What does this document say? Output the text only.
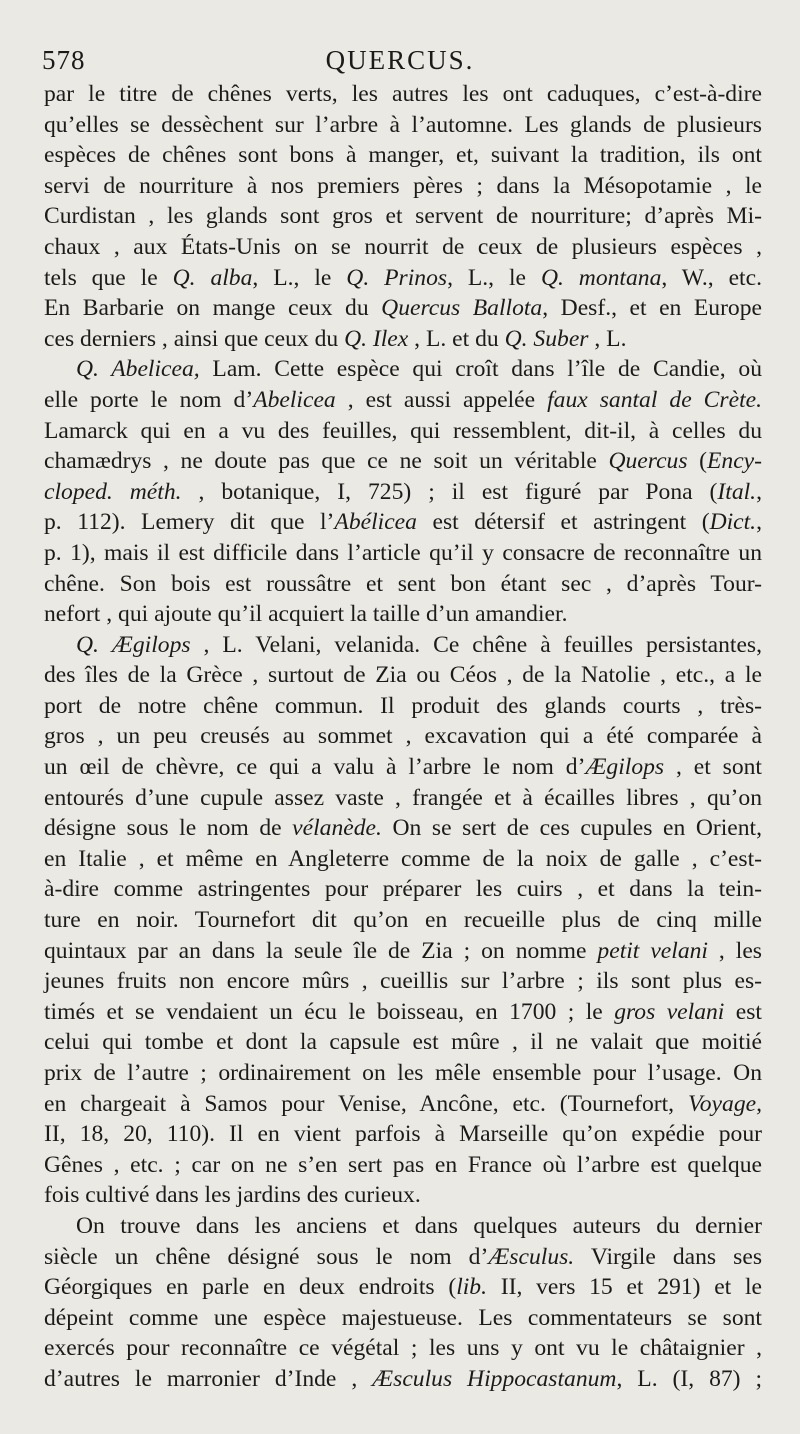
578	QUERCUS.
par le titre de chênes verts, les autres les ont caduques, c’est-à-dire
qu’elles se dessèchent sur l’arbre à l’automne. Les glands de plusieurs
espèces de chênes sont bons à manger, et, suivant la tradition, ils ont
servi de nourriture à nos premiers pères ; dans la Mésopotamie , le
Curdistan , les glands sont gros et servent de nourriture; d’après Mi-
chaux , aux États-Unis on se nourrit de ceux de plusieurs espèces ,
tels que le Q. alba, L., le Q. Prinos, L., le Q. montana, W., etc.
En Barbarie on mange ceux du Quercus Ballota, Desf., et en Europe
ces derniers , ainsi que ceux du Q. Ilex , L. et du Q. Suber , L.
Q. Abelicea, Lam. Cette espèce qui croît dans l’île de Candie, où
elle porte le nom d’Abelicea , est aussi appelée faux santal de Crète.
Lamarck qui en a vu des feuilles, qui ressemblent, dit-il, à celles du
chamædrys , ne doute pas que ce ne soit un véritable Quercus (Ency-
cloped. méth. , botanique, I, 725) ; il est figuré par Pona (Ital.,
p. 112). Lemery dit que l’Abélicea est détersif et astringent (Dict.,
p. 1), mais il est difficile dans l’article qu’il y consacre de reconnaître un
chêne. Son bois est roussâtre et sent bon étant sec , d’après Tour-
nefort , qui ajoute qu’il acquiert la taille d’un amandier.
Q. Ægilops , L. Velani, velanida. Ce chêne à feuilles persistantes,
des îles de la Grèce , surtout de Zia ou Céos , de la Natolie , etc., a le
port de notre chêne commun. Il produit des glands courts , très-
gros , un peu creusés au sommet , excavation qui a été comparée à
un œil de chèvre, ce qui a valu à l’arbre le nom d’Ægilops , et sont
entourés d’une cupule assez vaste , frangée et à écailles libres , qu’on
désigne sous le nom de vélanède. On se sert de ces cupules en Orient,
en Italie , et même en Angleterre comme de la noix de galle , c’est-
à-dire comme astringentes pour préparer les cuirs , et dans la tein-
ture en noir. Tournefort dit qu’on en recueille plus de cinq mille
quintaux par an dans la seule île de Zia ; on nomme petit velani , les
jeunes fruits non encore mûrs , cueillis sur l’arbre ; ils sont plus es-
timés et se vendaient un écu le boisseau, en 1700 ; le gros velani est
celui qui tombe et dont la capsule est mûre , il ne valait que moitié
prix de l’autre ; ordinairement on les mêle ensemble pour l’usage. On
en chargeait à Samos pour Venise, Ancône, etc. (Tournefort, Voyage,
II, 18, 20, 110). Il en vient parfois à Marseille qu’on expédie pour
Gênes , etc. ; car on ne s’en sert pas en France où l’arbre est quelque
fois cultivé dans les jardins des curieux.
On trouve dans les anciens et dans quelques auteurs du dernier
siècle un chêne désigné sous le nom d’Æsculus. Virgile dans ses
Géorgiques en parle en deux endroits (lib. II, vers 15 et 291) et le
dépeint comme une espèce majestueuse. Les commentateurs se sont
exercés pour reconnaître ce végétal ; les uns y ont vu le châtaignier ,
d’autres le marronier d’Inde , Æsculus Hippocastanum, L. (I, 87) ;
